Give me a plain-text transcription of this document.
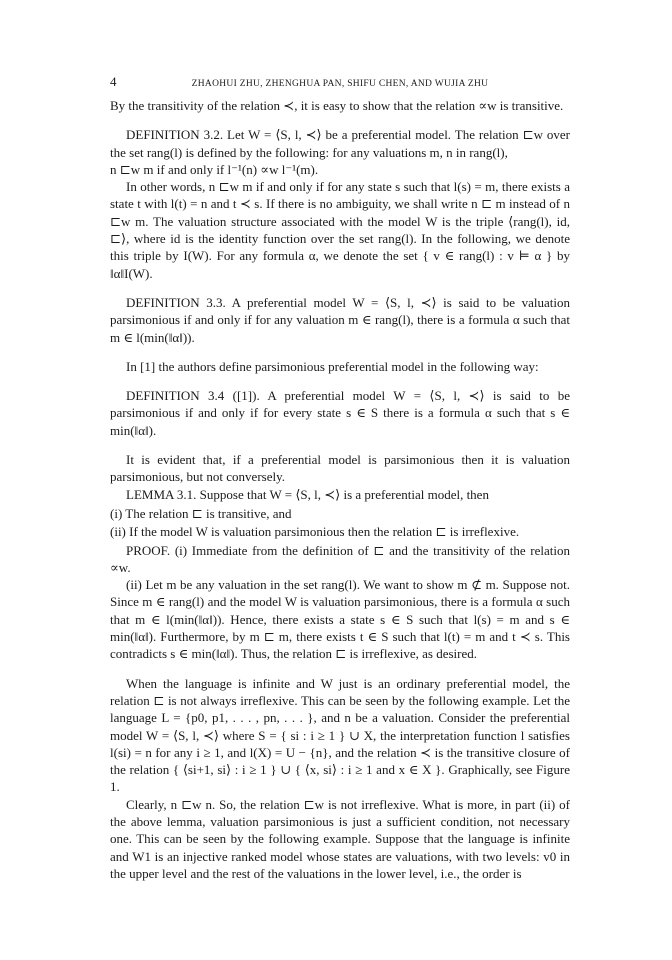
4	ZHAOHUI ZHU, ZHENGHUA PAN, SHIFU CHEN, AND WUJIA ZHU

By the transitivity of the relation ≺, it is easy to show that the relation ∝w is transitive.

DEFINITION 3.2. Let W = ⟨S, l, ≺⟩ be a preferential model. The relation ⊏w over the set rang(l) is defined by the following: for any valuations m, n in rang(l),

n ⊏w m if and only if l⁻¹(n) ∝w l⁻¹(m).

In other words, n ⊏w m if and only if for any state s such that l(s) = m, there exists a state t with l(t) = n and t ≺ s. If there is no ambiguity, we shall write n ⊏ m instead of n ⊏w m. The valuation structure associated with the model W is the triple ⟨rang(l), id, ⊏⟩, where id is the identity function over the set rang(l). In the following, we denote this triple by I(W). For any formula α, we denote the set { v ∈ rang(l) : v ⊨ α } by ‖α‖I(W).

DEFINITION 3.3. A preferential model W = ⟨S, l, ≺⟩ is said to be valuation parsimonious if and only if for any valuation m ∈ rang(l), there is a formula α such that m ∈ l(min(‖α‖)).

In [1] the authors define parsimonious preferential model in the following way:

DEFINITION 3.4 ([1]). A preferential model W = ⟨S, l, ≺⟩ is said to be parsimonious if and only if for every state s ∈ S there is a formula α such that s ∈ min(‖α‖).

It is evident that, if a preferential model is parsimonious then it is valuation parsimonious, but not conversely.

LEMMA 3.1. Suppose that W = ⟨S, l, ≺⟩ is a preferential model, then

(i) The relation ⊏ is transitive, and
(ii) If the model W is valuation parsimonious then the relation ⊏ is irreflexive.

PROOF. (i) Immediate from the definition of ⊏ and the transitivity of the relation ∝w.

(ii) Let m be any valuation in the set rang(l). We want to show m ⊄ m. Suppose not. Since m ∈ rang(l) and the model W is valuation parsimonious, there is a formula α such that m ∈ l(min(‖α‖)). Hence, there exists a state s ∈ S such that l(s) = m and s ∈ min(‖α‖). Furthermore, by m ⊏ m, there exists t ∈ S such that l(t) = m and t ≺ s. This contradicts s ∈ min(‖α‖). Thus, the relation ⊏ is irreflexive, as desired.

When the language is infinite and W just is an ordinary preferential model, the relation ⊏ is not always irreflexive. This can be seen by the following example. Let the language L = {p0, p1, . . . , pn, . . . }, and n be a valuation. Consider the preferential model W = ⟨S, l, ≺⟩ where S = { si : i ≥ 1 } ∪ X, the interpretation function l satisfies l(si) = n for any i ≥ 1, and l(X) = U − {n}, and the relation ≺ is the transitive closure of the relation { ⟨si+1, si⟩ : i ≥ 1 } ∪ { ⟨x, si⟩ : i ≥ 1 and x ∈ X }. Graphically, see Figure 1.

Clearly, n ⊏w n. So, the relation ⊏w is not irreflexive. What is more, in part (ii) of the above lemma, valuation parsimonious is just a sufficient condition, not necessary one. This can be seen by the following example. Suppose that the language is infinite and W1 is an injective ranked model whose states are valuations, with two levels: v0 in the upper level and the rest of the valuations in the lower level, i.e., the order is
